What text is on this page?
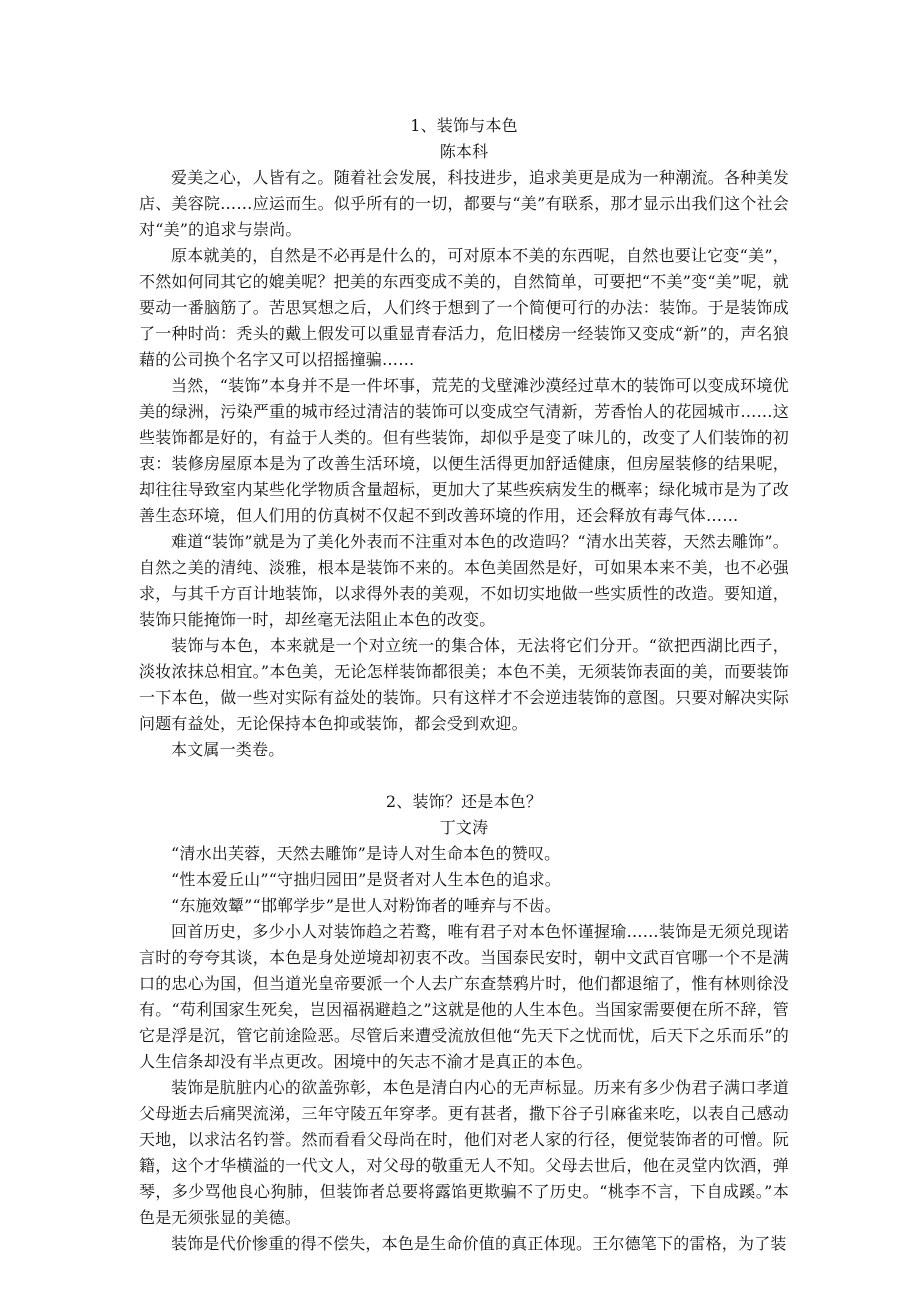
1、装饰与本色

陈本科

爱美之心，人皆有之。随着社会发展，科技进步，追求美更是成为一种潮流。各种美发店、美容院……应运而生。似乎所有的一切，都要与“美”有联系，那才显示出我们这个社会对“美”的追求与崇尚。

原本就美的，自然是不必再是什么的，可对原本不美的东西呢，自然也要让它变“美”，不然如何同其它的媲美呢？把美的东西变成不美的，自然简单，可要把“不美”变“美”呢，就要动一番脑筋了。苦思冥想之后，人们终于想到了一个简便可行的办法：装饰。于是装饰成了一种时尚：秃头的戴上假发可以重显青春活力，危旧楼房一经装饰又变成“新”的，声名狼藉的公司换个名字又可以招摇撞骗……

当然，“装饰”本身并不是一件坏事，荒芜的戈壁滩沙漠经过草木的装饰可以变成环境优美的绿洲，污染严重的城市经过清洁的装饰可以变成空气清新，芳香怡人的花园城市……这些装饰都是好的，有益于人类的。但有些装饰，却似乎是变了味儿的，改变了人们装饰的初衷：装修房屋原本是为了改善生活环境，以便生活得更加舒适健康，但房屋装修的结果呢，却往往导致室内某些化学物质含量超标，更加大了某些疾病发生的概率；绿化城市是为了改善生态环境，但人们用的仿真树不仅起不到改善环境的作用，还会释放有毒气体……

难道“装饰”就是为了美化外表而不注重对本色的改造吗？“清水出芙蓉，天然去雕饰”。自然之美的清纯、淡雅，根本是装饰不来的。本色美固然是好，可如果本来不美，也不必强求，与其千方百计地装饰，以求得外表的美观，不如切实地做一些实质性的改造。要知道，装饰只能掩饰一时，却丝毫无法阻止本色的改变。

装饰与本色，本来就是一个对立统一的集合体，无法将它们分开。“欲把西湖比西子，淡妆浓抹总相宜。”本色美，无论怎样装饰都很美；本色不美，无须装饰表面的美，而要装饰一下本色，做一些对实际有益处的装饰。只有这样才不会逆违装饰的意图。只要对解决实际问题有益处，无论保持本色抑或装饰，都会受到欢迎。

本文属一类卷。

2、装饰？还是本色？

丁文涛

“清水出芙蓉，天然去雕饰”是诗人对生命本色的赞叹。

“性本爱丘山”“守拙归园田”是贤者对人生本色的追求。

“东施效颦”“邯郸学步”是世人对粉饰者的唾弃与不齿。

回首历史，多少小人对装饰趋之若鹜，唯有君子对本色怀谨握瑜……装饰是无须兑现诺言时的夸夸其谈，本色是身处逆境却初衷不改。当国泰民安时，朝中文武百官哪一个不是满口的忠心为国，但当道光皇帝要派一个人去广东查禁鸦片时，他们都退缩了，惟有林则徐没有。“苟利国家生死矣，岂因福祸避趋之”这就是他的人生本色。当国家需要便在所不辞，管它是浮是沉，管它前途险恶。尽管后来遭受流放但他“先天下之忧而忧，后天下之乐而乐”的人生信条却没有半点更改。困境中的矢志不渝才是真正的本色。

装饰是肮脏内心的欲盖弥彰，本色是清白内心的无声标显。历来有多少伪君子满口孝道父母逝去后痛哭流涕，三年守陵五年穿孝。更有甚者，撒下谷子引麻雀来吃，以表自己感动天地，以求沽名钓誉。然而看看父母尚在时，他们对老人家的行径，便觉装饰者的可憎。阮籍，这个才华横溢的一代文人，对父母的敬重无人不知。父母去世后，他在灵堂内饮酒，弹琴，多少骂他良心狗肺，但装饰者总要将露馅更欺骗不了历史。“桃李不言，下自成蹊。”本色是无须张显的美德。

装饰是代价惨重的得不偿失，本色是生命价值的真正体现。王尔德笔下的雷格，为了装
